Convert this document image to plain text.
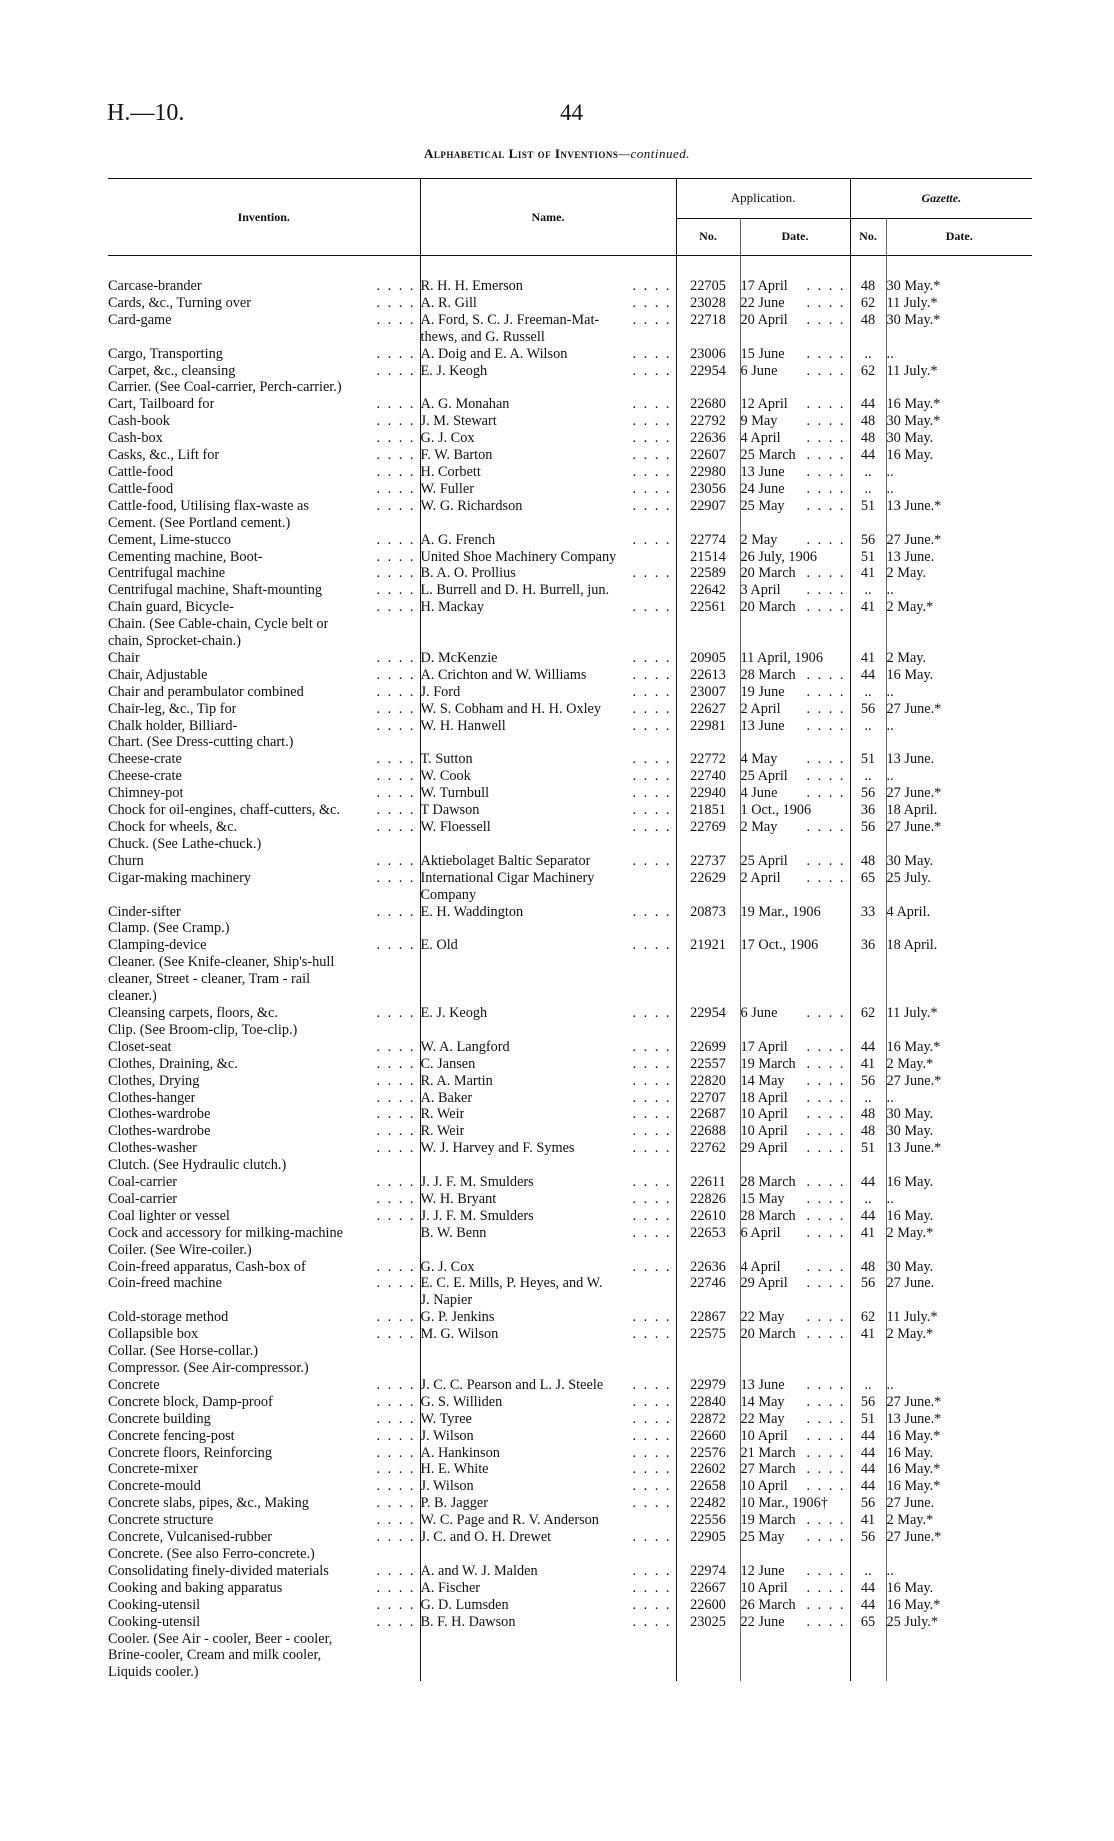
H.—10.	44
Alphabetical List of Inventions—continued.
Invention.	Name.	Application.		Gazette.	
		No.	Date.	No.	Date.

Carcase-brander . . . .	R. H. H. Emerson . . . .	22705	17 April . . . .	48	30 May.*

Cards, &c., Turning over . . . .	A. R. Gill . . . .	23028	22 June . . . .	62	11 July.*

Card-game . . . .	A. Ford, S. C. J. Freeman-Mat- . . . .	22718	20 April . . . .	48	30 May.*

	thews, and G. Russell				

Cargo, Transporting . . . .	A. Doig and E. A. Wilson . . . .	23006	15 June . . . .	..	..

Carpet, &c., cleansing . . . .	E. J. Keogh . . . .	22954	6 June . . . .	62	11 July.*

Carrier. (See Coal-carrier, Perch-carrier.)					

Cart, Tailboard for . . . .	A. G. Monahan . . . .	22680	12 April . . . .	44	16 May.*

Cash-book . . . .	J. M. Stewart . . . .	22792	9 May . . . .	48	30 May.*

Cash-box . . . .	G. J. Cox . . . .	22636	4 April . . . .	48	30 May.

Casks, &c., Lift for . . . .	F. W. Barton . . . .	22607	25 March . . . .	44	16 May.

Cattle-food . . . .	H. Corbett . . . .	22980	13 June . . . .	..	..

Cattle-food . . . .	W. Fuller . . . .	23056	24 June . . . .	..	..

Cattle-food, Utilising flax-waste as . . . .	W. G. Richardson . . . .	22907	25 May . . . .	51	13 June.*

Cement. (See Portland cement.)					

Cement, Lime-stucco . . . .	A. G. French . . . .	22774	2 May . . . .	56	27 June.*

Cementing machine, Boot- . . . .	United Shoe Machinery Company	21514	26 July, 1906	51	13 June.

Centrifugal machine . . . .	B. A. O. Prollius . . . .	22589	20 March . . . .	41	2 May.

Centrifugal machine, Shaft-mounting . . . .	L. Burrell and D. H. Burrell, jun.	22642	3 April . . . .	..	..

Chain guard, Bicycle- . . . .	H. Mackay . . . .	22561	20 March . . . .	41	2 May.*

Chain. (See Cable-chain, Cycle belt or					

chain, Sprocket-chain.)					

Chair . . . .	D. McKenzie . . . .	20905	11 April, 1906	41	2 May.

Chair, Adjustable . . . .	A. Crichton and W. Williams . . . .	22613	28 March . . . .	44	16 May.

Chair and perambulator combined . . . .	J. Ford . . . .	23007	19 June . . . .	..	..

Chair-leg, &c., Tip for . . . .	W. S. Cobham and H. H. Oxley . . . .	22627	2 April . . . .	56	27 June.*

Chalk holder, Billiard- . . . .	W. H. Hanwell . . . .	22981	13 June . . . .	..	..

Chart. (See Dress-cutting chart.)					

Cheese-crate . . . .	T. Sutton . . . .	22772	4 May . . . .	51	13 June.

Cheese-crate . . . .	W. Cook . . . .	22740	25 April . . . .	..	..

Chimney-pot . . . .	W. Turnbull . . . .	22940	4 June . . . .	56	27 June.*

Chock for oil-engines, chaff-cutters, &c. . . . .	T Dawson . . . .	21851	1 Oct., 1906	36	18 April.

Chock for wheels, &c. . . . .	W. Floessell . . . .	22769	2 May . . . .	56	27 June.*

Chuck. (See Lathe-chuck.)					

Churn . . . .	Aktiebolaget Baltic Separator . . . .	22737	25 April . . . .	48	30 May.

Cigar-making machinery . . . .	International Cigar Machinery	22629	2 April . . . .	65	25 July.

	Company				

Cinder-sifter . . . .	E. H. Waddington . . . .	20873	19 Mar., 1906	33	4 April.

Clamp. (See Cramp.)					

Clamping-device . . . .	E. Old . . . .	21921	17 Oct., 1906	36	18 April.

Cleaner. (See Knife-cleaner, Ship's-hull					

cleaner, Street - cleaner, Tram - rail					

cleaner.)					

Cleansing carpets, floors, &c. . . . .	E. J. Keogh . . . .	22954	6 June . . . .	62	11 July.*

Clip. (See Broom-clip, Toe-clip.)					

Closet-seat . . . .	W. A. Langford . . . .	22699	17 April . . . .	44	16 May.*

Clothes, Draining, &c. . . . .	C. Jansen . . . .	22557	19 March . . . .	41	2 May.*

Clothes, Drying . . . .	R. A. Martin . . . .	22820	14 May . . . .	56	27 June.*

Clothes-hanger . . . .	A. Baker . . . .	22707	18 April . . . .	..	..

Clothes-wardrobe . . . .	R. Weir . . . .	22687	10 April . . . .	48	30 May.

Clothes-wardrobe . . . .	R. Weir . . . .	22688	10 April . . . .	48	30 May.

Clothes-washer . . . .	W. J. Harvey and F. Symes . . . .	22762	29 April . . . .	51	13 June.*

Clutch. (See Hydraulic clutch.)					

Coal-carrier . . . .	J. J. F. M. Smulders . . . .	22611	28 March . . . .	44	16 May.

Coal-carrier . . . .	W. H. Bryant . . . .	22826	15 May . . . .	..	..

Coal lighter or vessel . . . .	J. J. F. M. Smulders . . . .	22610	28 March . . . .	44	16 May.

Cock and accessory for milking-machine	B. W. Benn . . . .	22653	6 April . . . .	41	2 May.*

Coiler. (See Wire-coiler.)					

Coin-freed apparatus, Cash-box of . . . .	G. J. Cox . . . .	22636	4 April . . . .	48	30 May.

Coin-freed machine . . . .	E. C. E. Mills, P. Heyes, and W.	22746	29 April . . . .	56	27 June.

	J. Napier				

Cold-storage method . . . .	G. P. Jenkins . . . .	22867	22 May . . . .	62	11 July.*

Collapsible box . . . .	M. G. Wilson . . . .	22575	20 March . . . .	41	2 May.*

Collar. (See Horse-collar.)					

Compressor. (See Air-compressor.)					

Concrete . . . .	J. C. C. Pearson and L. J. Steele . . . .	22979	13 June . . . .	..	..

Concrete block, Damp-proof . . . .	G. S. Williden . . . .	22840	14 May . . . .	56	27 June.*

Concrete building . . . .	W. Tyree . . . .	22872	22 May . . . .	51	13 June.*

Concrete fencing-post . . . .	J. Wilson . . . .	22660	10 April . . . .	44	16 May.*

Concrete floors, Reinforcing . . . .	A. Hankinson . . . .	22576	21 March . . . .	44	16 May.

Concrete-mixer . . . .	H. E. White . . . .	22602	27 March . . . .	44	16 May.*

Concrete-mould . . . .	J. Wilson . . . .	22658	10 April . . . .	44	16 May.*

Concrete slabs, pipes, &c., Making . . . .	P. B. Jagger . . . .	22482	10 Mar., 1906†	56	27 June.

Concrete structure . . . .	W. C. Page and R. V. Anderson	22556	19 March . . . .	41	2 May.*

Concrete, Vulcanised-rubber . . . .	J. C. and O. H. Drewet . . . .	22905	25 May . . . .	56	27 June.*

Concrete. (See also Ferro-concrete.)					

Consolidating finely-divided materials . . . .	A. and W. J. Malden . . . .	22974	12 June . . . .	..	..

Cooking and baking apparatus . . . .	A. Fischer . . . .	22667	10 April . . . .	44	16 May.

Cooking-utensil . . . .	G. D. Lumsden . . . .	22600	26 March . . . .	44	16 May.*

Cooking-utensil . . . .	B. F. H. Dawson . . . .	23025	22 June . . . .	65	25 July.*

Cooler. (See Air - cooler, Beer - cooler,					

Brine-cooler, Cream and milk cooler,					

Liquids cooler.)					
